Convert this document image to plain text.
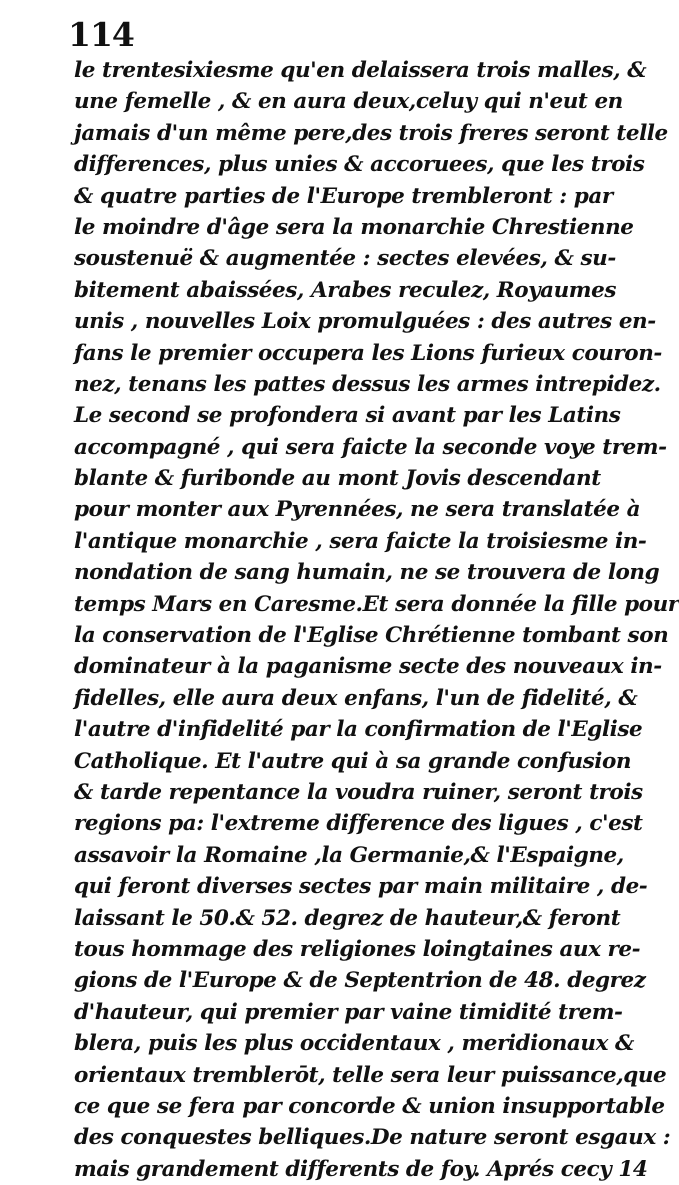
114
le trentesixiesme qu'en delaissera trois malles, &
une femelle , & en aura deux,celuy qui n'eut en
jamais d'un même pere,des trois freres seront telle
differences, plus unies & accoruees, que les trois
& quatre parties de l'Europe trembleront : par
le moindre d'âge sera la monarchie Chrestienne
soustenuë & augmentée : sectes elevées, & su-
bitement abaissées, Arabes reculez, Royaumes
unis , nouvelles Loix promulguées : des autres en-
fans le premier occupera les Lions furieux couron-
nez, tenans les pattes dessus les armes intrepidez.
Le second se profondera si avant par les Latins
accompagné , qui sera faicte la seconde voye trem-
blante & furibonde au mont Jovis descendant
pour monter aux Pyrennées, ne sera translatée à
l'antique monarchie , sera faicte la troisiesme in-
nondation de sang humain, ne se trouvera de long
temps Mars en Caresme.Et sera donnée la fille pour
la conservation de l'Eglise Chrétienne tombant son
dominateur à la paganisme secte des nouveaux in-
fidelles, elle aura deux enfans, l'un de fidelité, &
l'autre d'infidelité par la confirmation de l'Eglise
Catholique. Et l'autre qui à sa grande confusion
& tarde repentance la voudra ruiner, seront trois
regions pa: l'extreme difference des ligues , c'est
assavoir la Romaine ,la Germanie,& l'Espaigne,
qui feront diverses sectes par main militaire , de-
laissant le 50.& 52. degrez de hauteur,& feront
tous hommage des religiones loingtaines aux re-
gions de l'Europe & de Septentrion de 48. degrez
d'hauteur, qui premier par vaine timidité trem-
blera, puis les plus occidentaux , meridionaux &
orientaux tremblerōt, telle sera leur puissance,que
ce que se fera par concorde & union insupportable
des conquestes belliques.De nature seront esgaux :
mais grandement differents de foy. Aprés cecy 14
